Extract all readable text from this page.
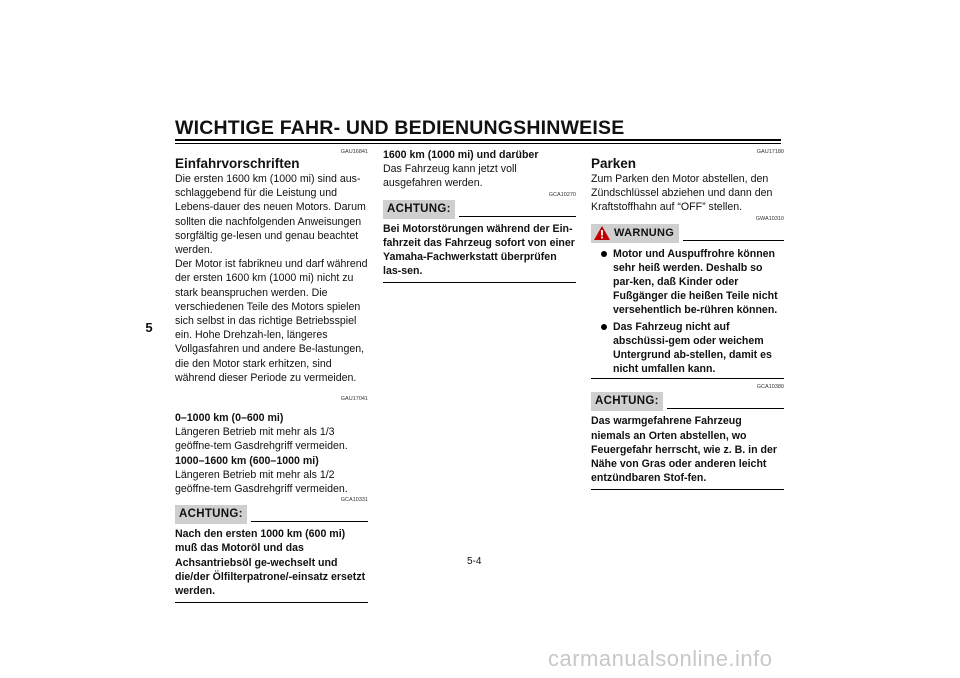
WICHTIGE FAHR- UND BEDIENUNGSHINWEISE
5
GAU16841
Einfahrvorschriften

Die ersten 1600 km (1000 mi) sind aus-schlaggebend für die Leistung und Lebens-dauer des neuen Motors. Darum sollten die nachfolgenden Anweisungen sorgfältig ge-lesen und genau beachtet werden.

Der Motor ist fabrikneu und darf während der ersten 1600 km (1000 mi) nicht zu stark beanspruchen werden. Die verschiedenen Teile des Motors spielen sich selbst in das richtige Betriebsspiel ein. Hohe Drehzah-len, längeres Vollgasfahren und andere Be-lastungen, die den Motor stark erhitzen, sind während dieser Periode zu vermeiden.

GAU17041

0–1000 km (0–600 mi)

Längeren Betrieb mit mehr als 1/3 geöffne-tem Gasdrehgriff vermeiden.

1000–1600 km (600–1000 mi)

Längeren Betrieb mit mehr als 1/2 geöffne-tem Gasdrehgriff vermeiden.

GCA10331
ACHTUNG:

Nach den ersten 1000 km (600 mi) muß das Motoröl und das Achsantriebsöl ge-wechselt und die/der Ölfilterpatrone/-einsatz ersetzt werden.

1600 km (1000 mi) und darüber

Das Fahrzeug kann jetzt voll ausgefahren werden.

GCA10270
ACHTUNG:

Bei Motorstörungen während der Ein-fahrzeit das Fahrzeug sofort von einer Yamaha-Fachwerkstatt überprüfen las-sen.

GAU17180
Parken

Zum Parken den Motor abstellen, den Zündschlüssel abziehen und dann den Kraftstoffhahn auf “OFF” stellen.

GWA10310
WARNUNG
Motor und Auspuffrohre können sehr heiß werden. Deshalb so par-ken, daß Kinder oder Fußgänger die heißen Teile nicht versehentlich be-rühren können.
Das Fahrzeug nicht auf abschüssi-gem oder weichem Untergrund ab-stellen, damit es nicht umfallen kann.
GCA10380
ACHTUNG:

Das warmgefahrene Fahrzeug niemals an Orten abstellen, wo Feuergefahr herrscht, wie z. B. in der Nähe von Gras oder anderen leicht entzündbaren Stof-fen.

5-4
carmanualsonline.info
